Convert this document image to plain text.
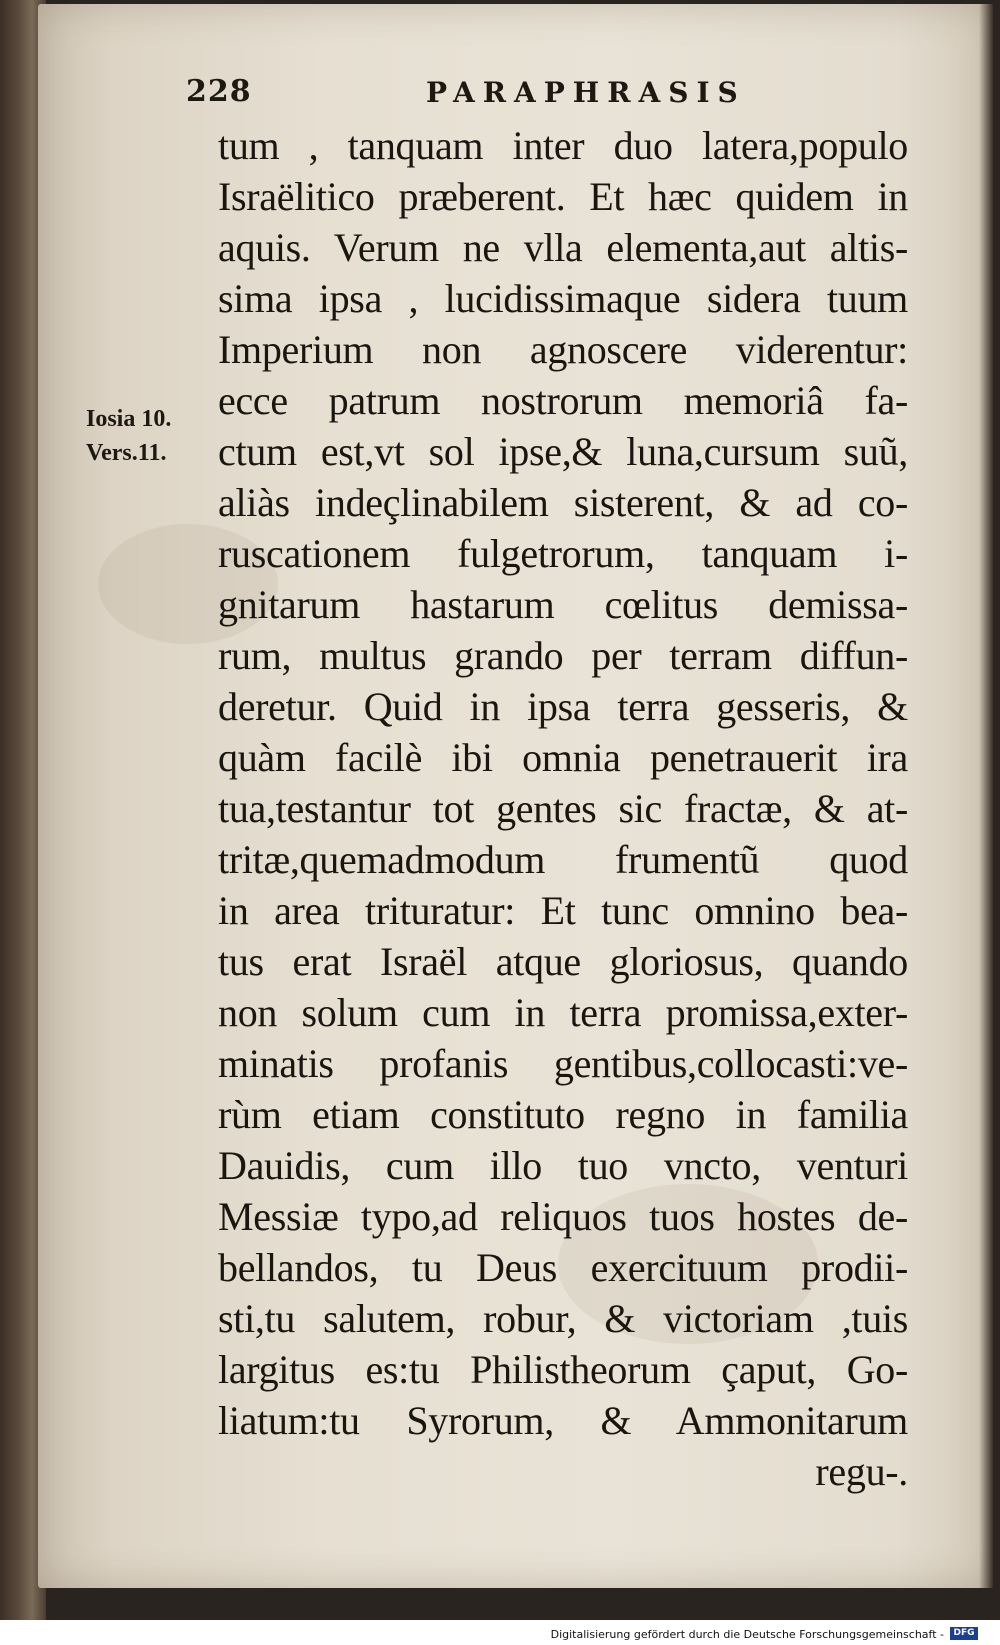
228	PARAPHRASIS
Iosia 10.
Vers.11.
tum , tanquam inter duo latera,populo
Israëlitico præberent. Et hæc quidem in
aquis. Verum ne vlla elementa,aut altis-
sima ipsa , lucidissimaque sidera tuum
Imperium non agnoscere viderentur:
ecce patrum nostrorum memoriâ fa-
ctum est,vt sol ipse,& luna,cursum suũ,
aliàs indeçlinabilem sisterent, & ad co-
ruscationem fulgetrorum, tanquam i-
gnitarum hastarum cœlitus demissa-
rum, multus grando per terram diffun-
deretur. Quid in ipsa terra gesseris, &
quàm facilè ibi omnia penetrauerit ira
tua,testantur tot gentes sic fractæ, & at-
tritæ,quemadmodum frumentũ quod
in area trituratur: Et tunc omnino bea-
tus erat Israël atque gloriosus, quando
non solum cum in terra promissa,exter-
minatis profanis gentibus,collocasti:ve-
rùm etiam constituto regno in familia
Dauidis, cum illo tuo vncto, venturi
Messiæ typo,ad reliquos tuos hostes de-
bellandos, tu Deus exercituum prodii-
sti,tu salutem, robur, & victoriam ,tuis
largitus es:tu Philistheorum çaput, Go-
liatum:tu Syrorum, & Ammonitarum
regu-.
Digitalisierung gefördert durch die Deutsche Forschungsgemeinschaft -	DFG
